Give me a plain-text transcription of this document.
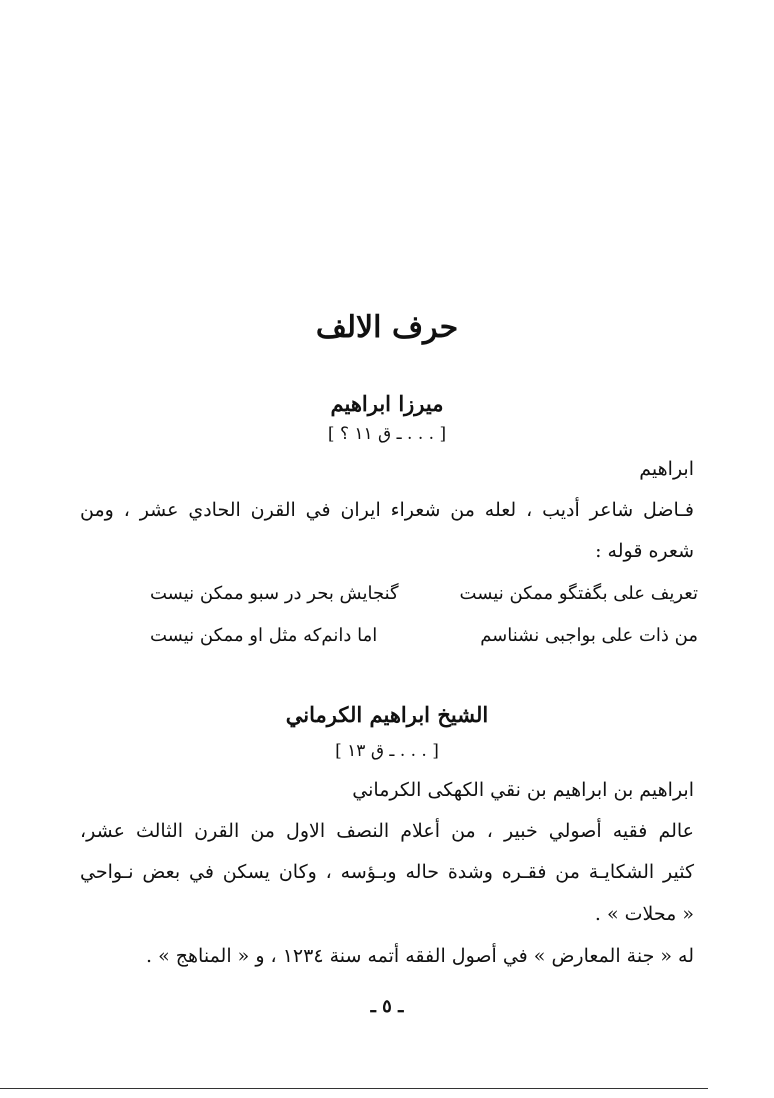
حرف الالف
ميرزا ابراهيم
[ . . . ـ ق ١١ ؟ ]
ابراهيم
فـاضل شاعر أديب ، لعله من شعراء ايران في القرن الحادي عشر ، ومن
شعره قوله :
تعريف على بگفتگو ممكن نيست
گنجايش بحر در سبو ممكن نيست
من ذات على بواجبى نشناسم
اما دانم‌كه مثل او ممكن نيست
الشيخ ابراهيم الكرماني
[ . . . ـ ق ١٣ ]
ابراهيم بن ابراهيم بن نقي الكهكى الكرماني
عالم فقيه أصولي خبير ، من أعلام النصف الاول من القرن الثالث عشر،
كثير الشكايـة من فقـره وشدة حاله وبـؤسه ، وكان يسكن في بعض نـواحي
« محلات » .
له « جنة المعارض » في أصول الفقه أتمه سنة ١٢٣٤ ، و « المناهج » .
ـ ٥ ـ
